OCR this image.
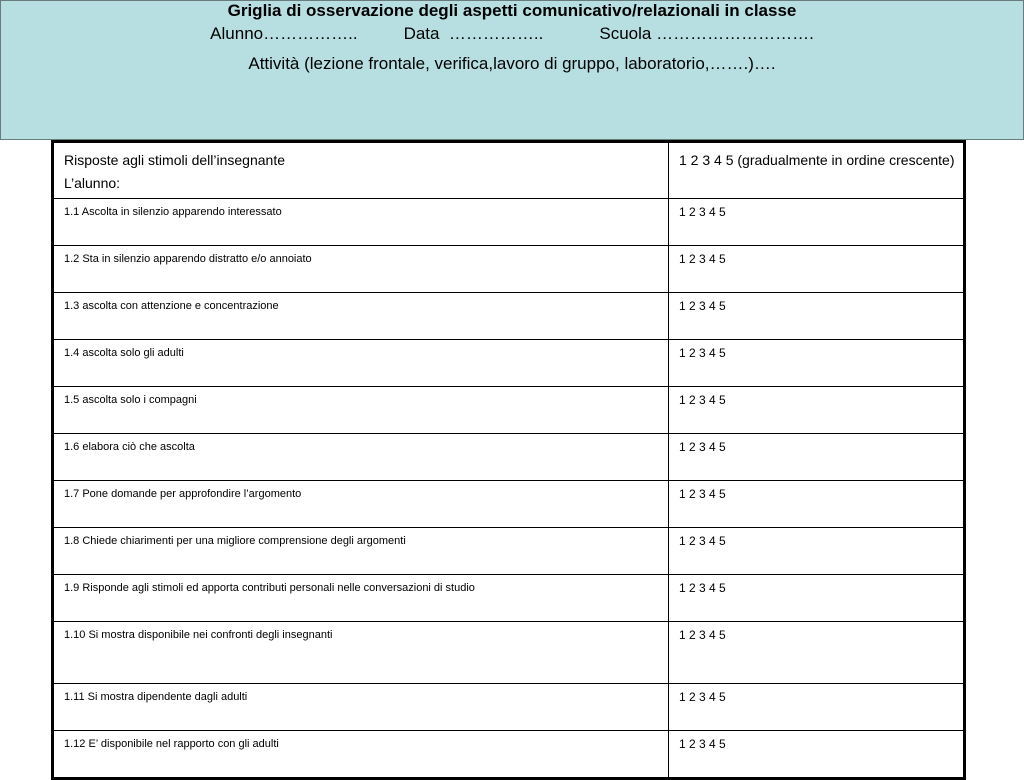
Griglia di osservazione degli aspetti comunicativo/relazionali in classe
Alunno……………..	Data  ……………..	Scuola ……………………….
Attività (lezione frontale, verifica,lavoro di gruppo, laboratorio,…….)….
Risposte agli stimoli dell’insegnante
L’alunno:	1 2 3 4 5 (gradualmente in ordine crescente)

1.1 Ascolta in silenzio apparendo interessato	1 2 3 4 5

1.2 Sta in silenzio apparendo distratto e/o annoiato	1 2 3 4 5

1.3 ascolta con attenzione e concentrazione	1 2 3 4 5

1.4 ascolta solo gli adulti	1 2 3 4 5

1.5 ascolta solo i compagni	1 2 3 4 5

1.6 elabora ciò che ascolta	1 2 3 4 5

1.7 Pone domande per approfondire l’argomento	1 2 3 4 5

1.8 Chiede chiarimenti per una migliore comprensione degli argomenti	1 2 3 4 5

1.9 Risponde agli stimoli ed apporta contributi personali nelle conversazioni di studio	1 2 3 4 5

1.10 Si mostra disponibile nei confronti degli insegnanti	1 2 3 4 5

1.11 Si mostra dipendente dagli adulti	1 2 3 4 5

1.12 E’ disponibile nel rapporto con gli adulti	1 2 3 4 5
